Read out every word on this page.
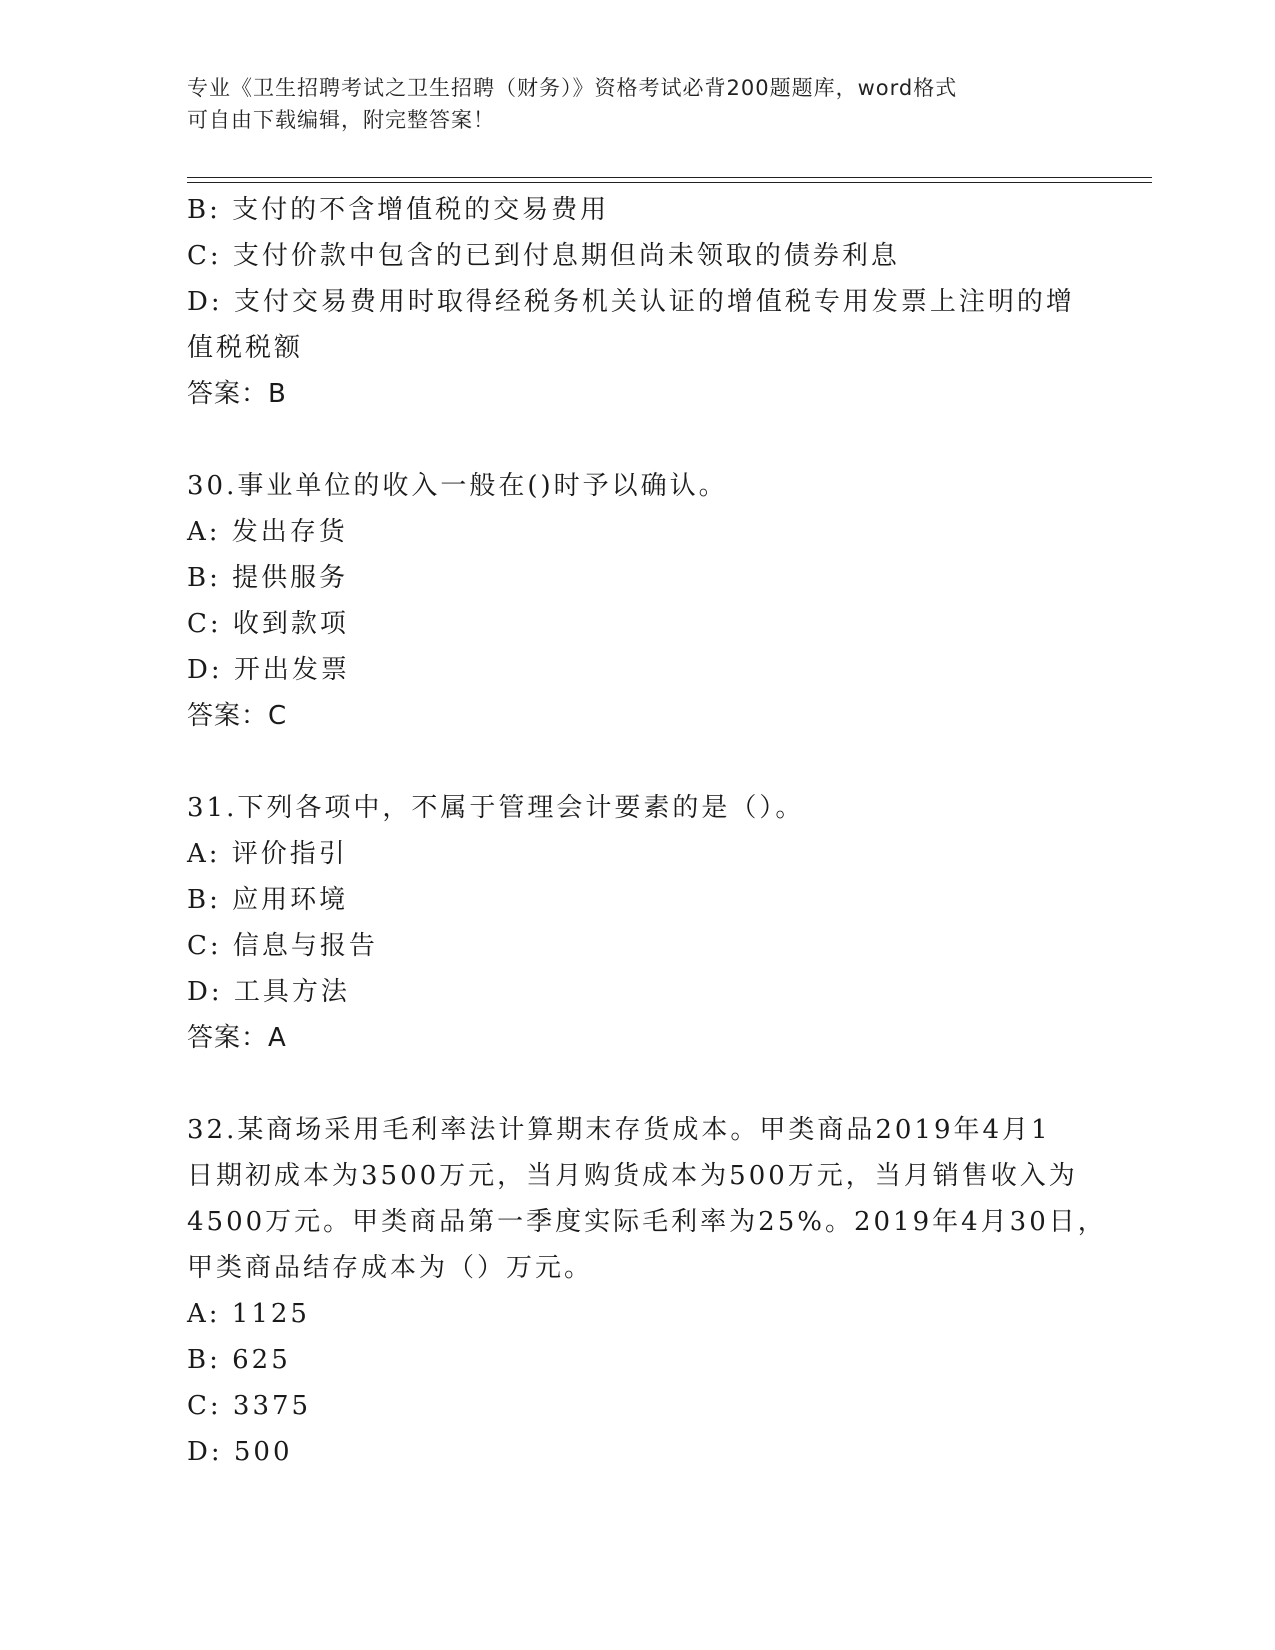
专业《卫生招聘考试之卫生招聘（财务）》资格考试必背200题题库，word格式
可自由下载编辑，附完整答案！
B: 支付的不含增值税的交易费用
C: 支付价款中包含的已到付息期但尚未领取的债券利息
D: 支付交易费用时取得经税务机关认证的增值税专用发票上注明的增
值税税额
答案：B
30.事业单位的收入一般在()时予以确认。
A: 发出存货
B: 提供服务
C: 收到款项
D: 开出发票
答案：C
31.下列各项中，不属于管理会计要素的是（）。
A: 评价指引
B: 应用环境
C: 信息与报告
D: 工具方法
答案：A
32.某商场采用毛利率法计算期末存货成本。甲类商品2019年4月1
日期初成本为3500万元，当月购货成本为500万元，当月销售收入为
4500万元。甲类商品第一季度实际毛利率为25%。2019年4月30日，
甲类商品结存成本为（）万元。
A: 1125
B: 625
C: 3375
D: 500
